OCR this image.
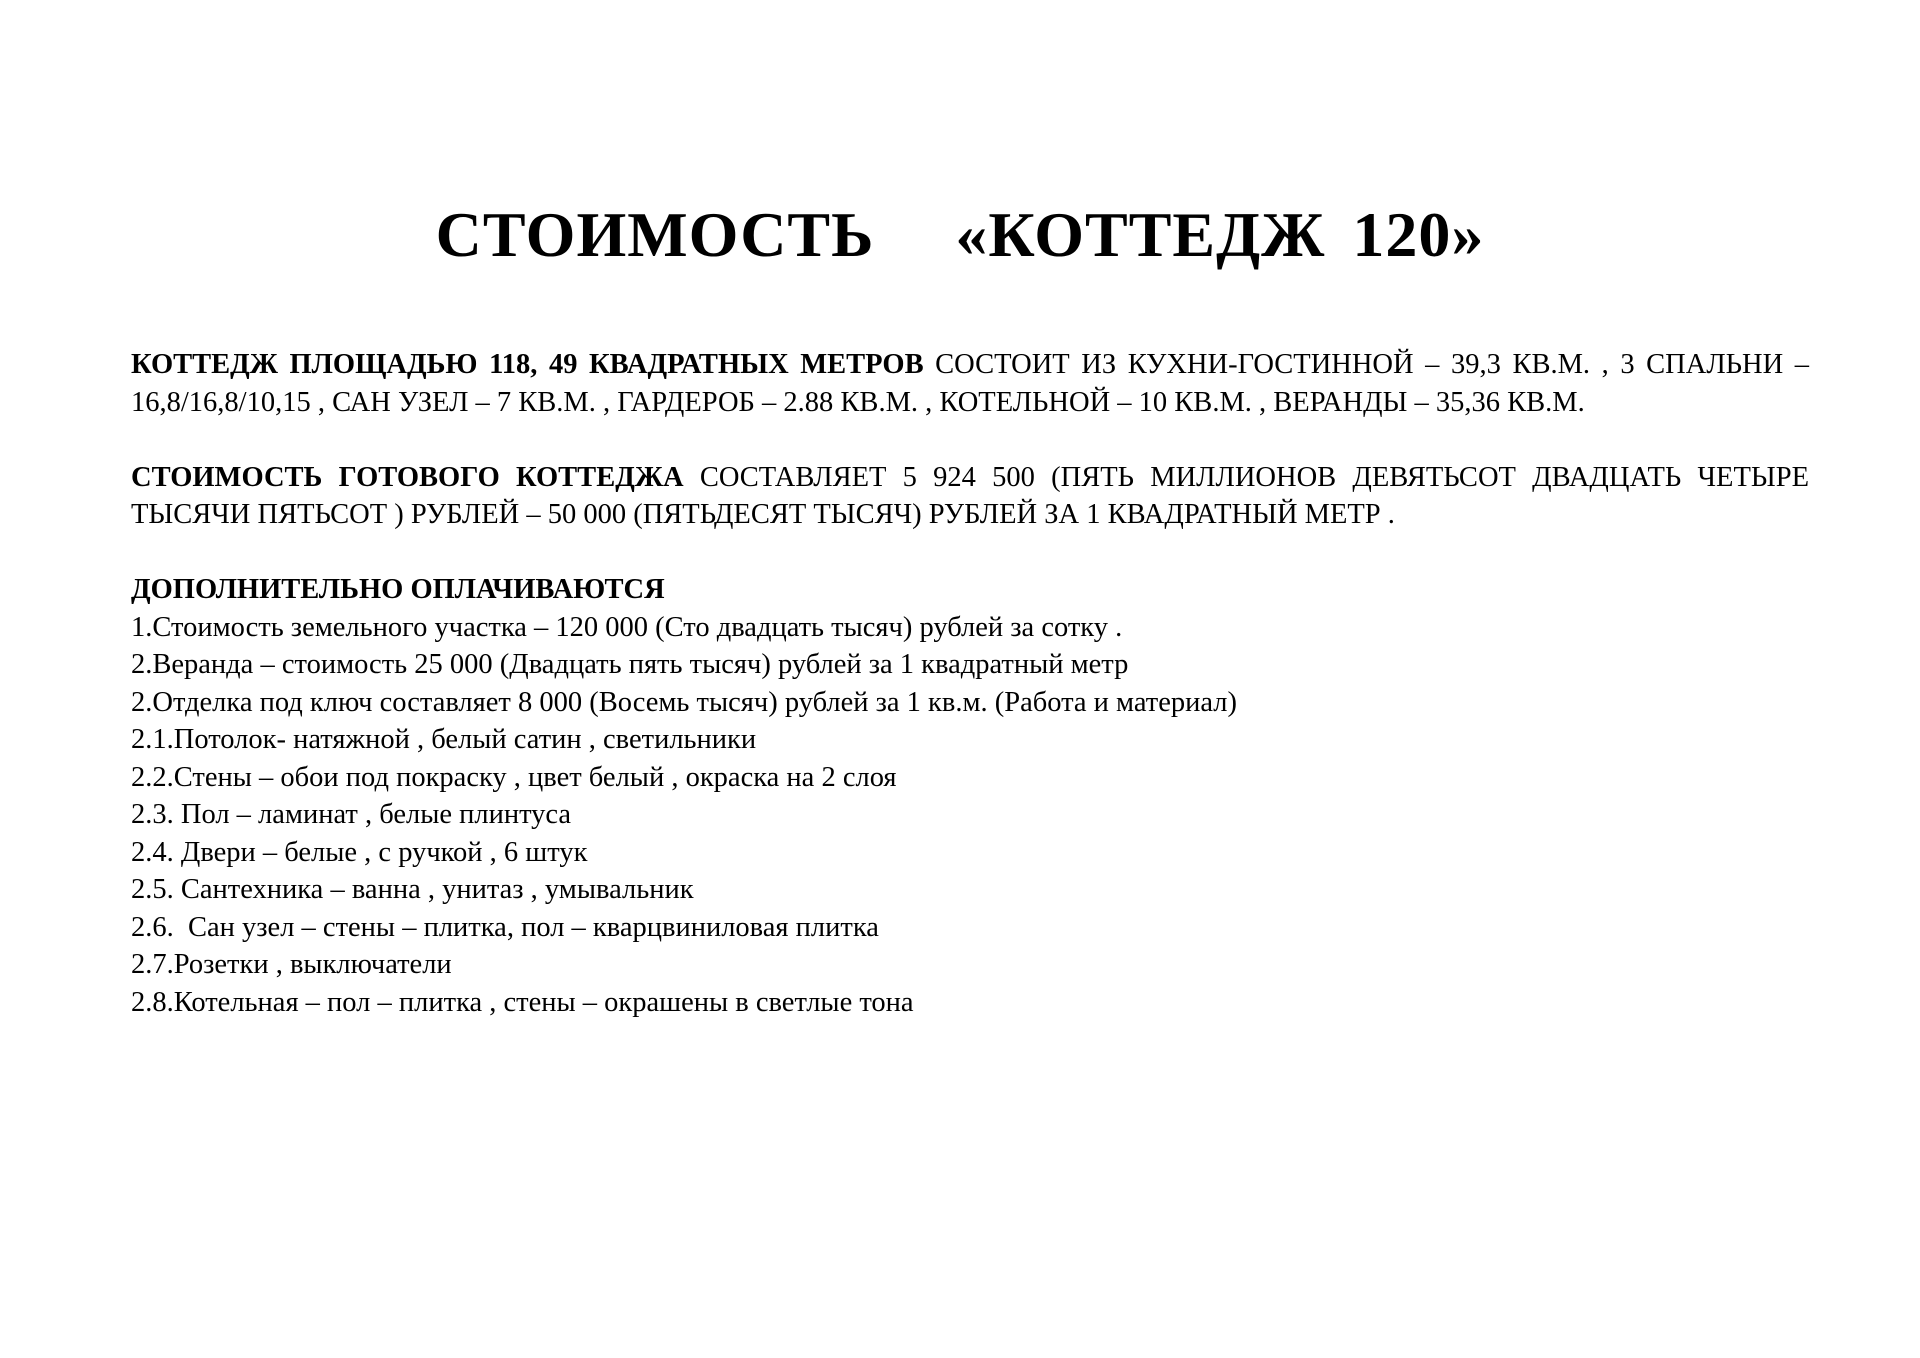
СТОИМОСТЬ   «КОТТЕДЖ 120»

КОТТЕДЖ ПЛОЩАДЬЮ 118, 49 КВАДРАТНЫХ МЕТРОВ СОСТОИТ ИЗ КУХНИ-ГОСТИННОЙ – 39,3 КВ.М. , 3 СПАЛЬНИ – 16,8/16,8/10,15 , САН УЗЕЛ – 7 КВ.М. , ГАРДЕРОБ – 2.88 КВ.М. , КОТЕЛЬНОЙ – 10 КВ.М. , ВЕРАНДЫ – 35,36 КВ.М.

СТОИМОСТЬ ГОТОВОГО КОТТЕДЖА СОСТАВЛЯЕТ 5 924 500 (ПЯТЬ МИЛЛИОНОВ ДЕВЯТЬСОТ ДВАДЦАТЬ ЧЕТЫРЕ ТЫСЯЧИ ПЯТЬСОТ ) РУБЛЕЙ – 50 000 (ПЯТЬДЕСЯТ ТЫСЯЧ) РУБЛЕЙ ЗА 1 КВАДРАТНЫЙ МЕТР .

ДОПОЛНИТЕЛЬНО ОПЛАЧИВАЮТСЯ

1.Стоимость земельного участка – 120 000 (Сто двадцать тысяч) рублей за сотку .
2.Веранда – стоимость 25 000 (Двадцать пять тысяч) рублей за 1 квадратный метр
2.Отделка под ключ составляет 8 000 (Восемь тысяч) рублей за 1 кв.м. (Работа и материал)
2.1.Потолок- натяжной , белый сатин , светильники
2.2.Стены – обои под покраску , цвет белый , окраска на 2 слоя
2.3. Пол – ламинат , белые плинтуса
2.4. Двери – белые , с ручкой , 6 штук
2.5. Сантехника – ванна , унитаз , умывальник
2.6.  Сан узел – стены – плитка, пол – кварцвиниловая плитка
2.7.Розетки , выключатели
2.8.Котельная – пол – плитка , стены – окрашены в светлые тона
